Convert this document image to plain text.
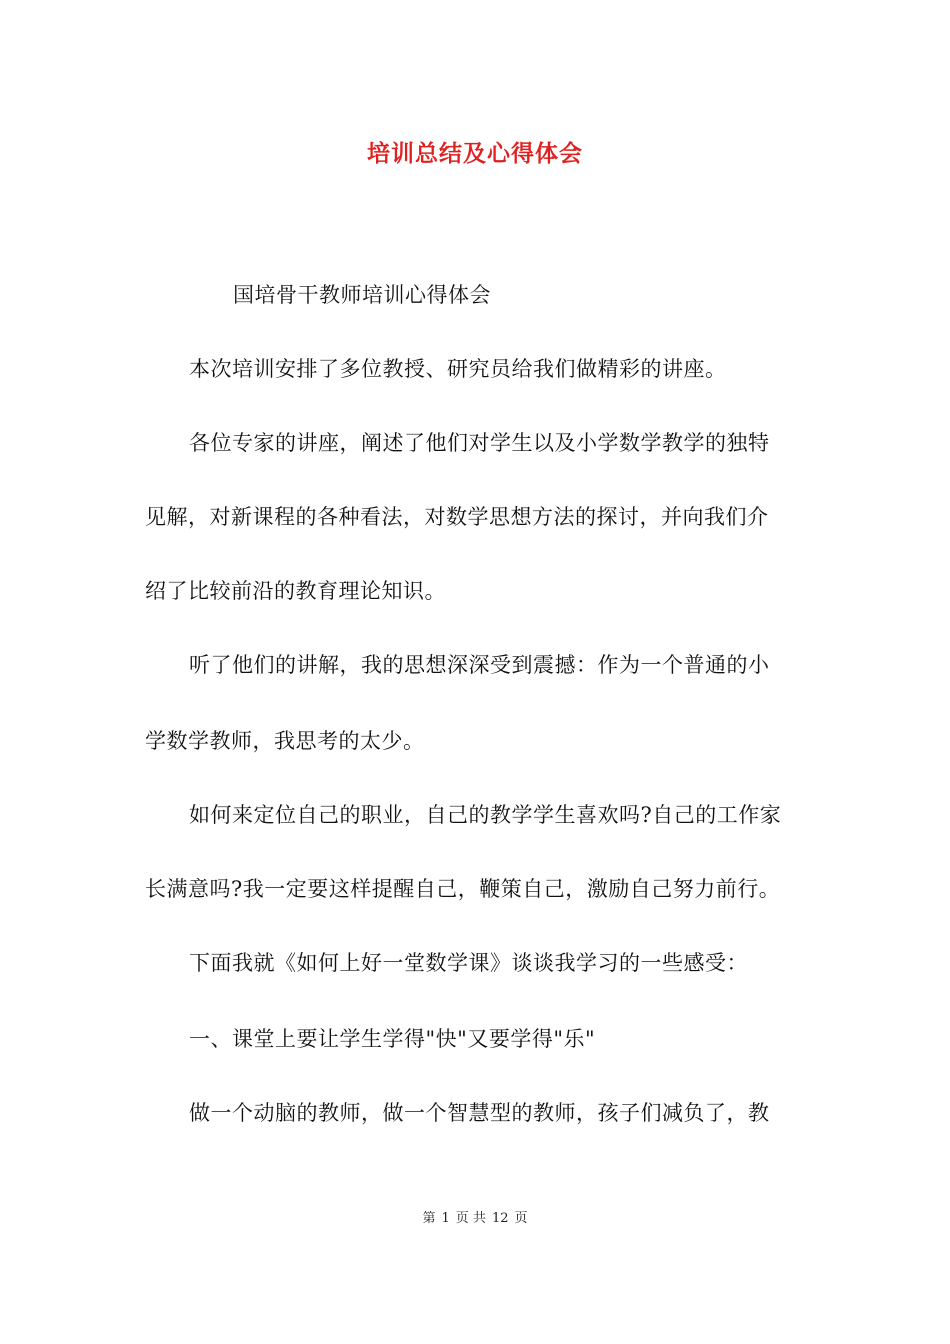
培训总结及心得体会
国培骨干教师培训心得体会
本次培训安排了多位教授、研究员给我们做精彩的讲座。
各位专家的讲座，阐述了他们对学生以及小学数学教学的独特
见解，对新课程的各种看法，对数学思想方法的探讨，并向我们介
绍了比较前沿的教育理论知识。
听了他们的讲解，我的思想深深受到震撼：作为一个普通的小
学数学教师，我思考的太少。
如何来定位自己的职业，自己的教学学生喜欢吗?自己的工作家
长满意吗?我一定要这样提醒自己，鞭策自己，激励自己努力前行。
下面我就《如何上好一堂数学课》谈谈我学习的一些感受：
一、课堂上要让学生学得"快"又要学得"乐"
做一个动脑的教师，做一个智慧型的教师，孩子们减负了，教
第 1 页 共 12 页
